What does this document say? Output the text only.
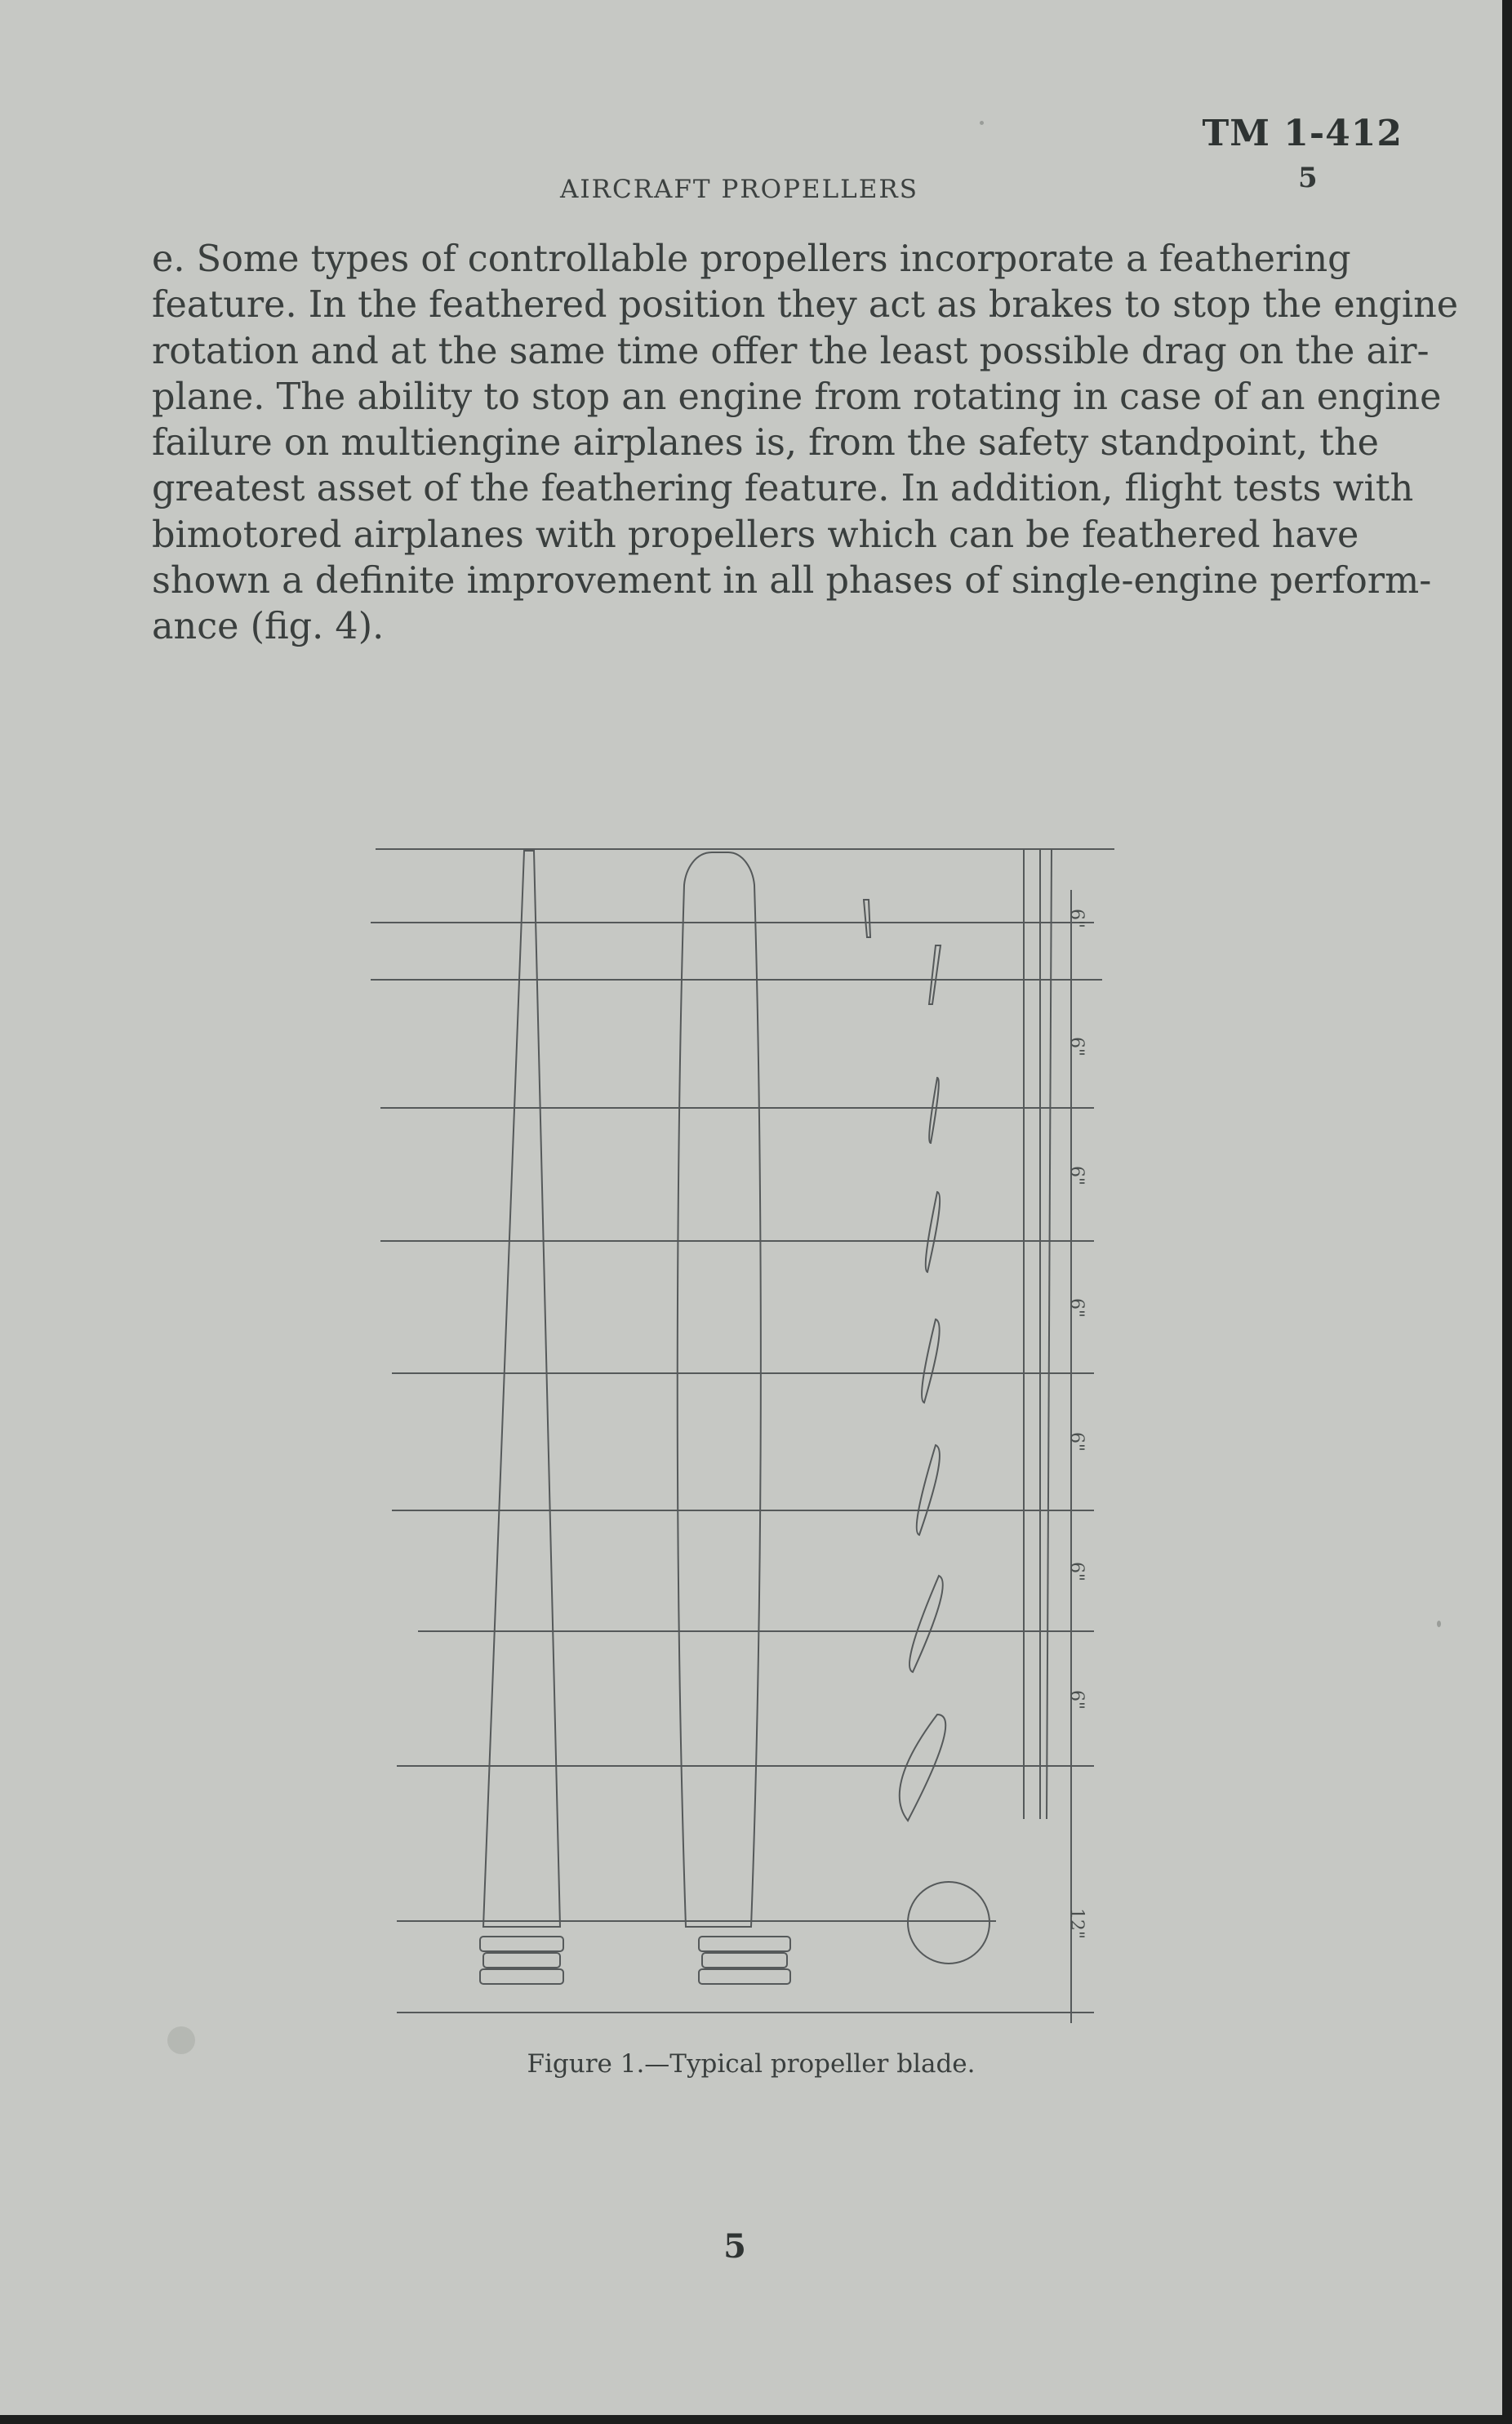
TM 1-412
5
AIRCRAFT PROPELLERS
e. Some types of controllable propellers incorporate a feathering
feature. In the feathered position they act as brakes to stop the engine
rotation and at the same time offer the least possible drag on the air-
plane. The ability to stop an engine from rotating in case of an engine
failure on multiengine airplanes is, from the safety standpoint, the
greatest asset of the feathering feature. In addition, flight tests with
bimotored airplanes with propellers which can be feathered have
shown a definite improvement in all phases of single-engine perform-
ance (fig. 4).
6"
6"
6"
6"
6"
6"
6"
12"
Figure 1.—Typical propeller blade.
5
